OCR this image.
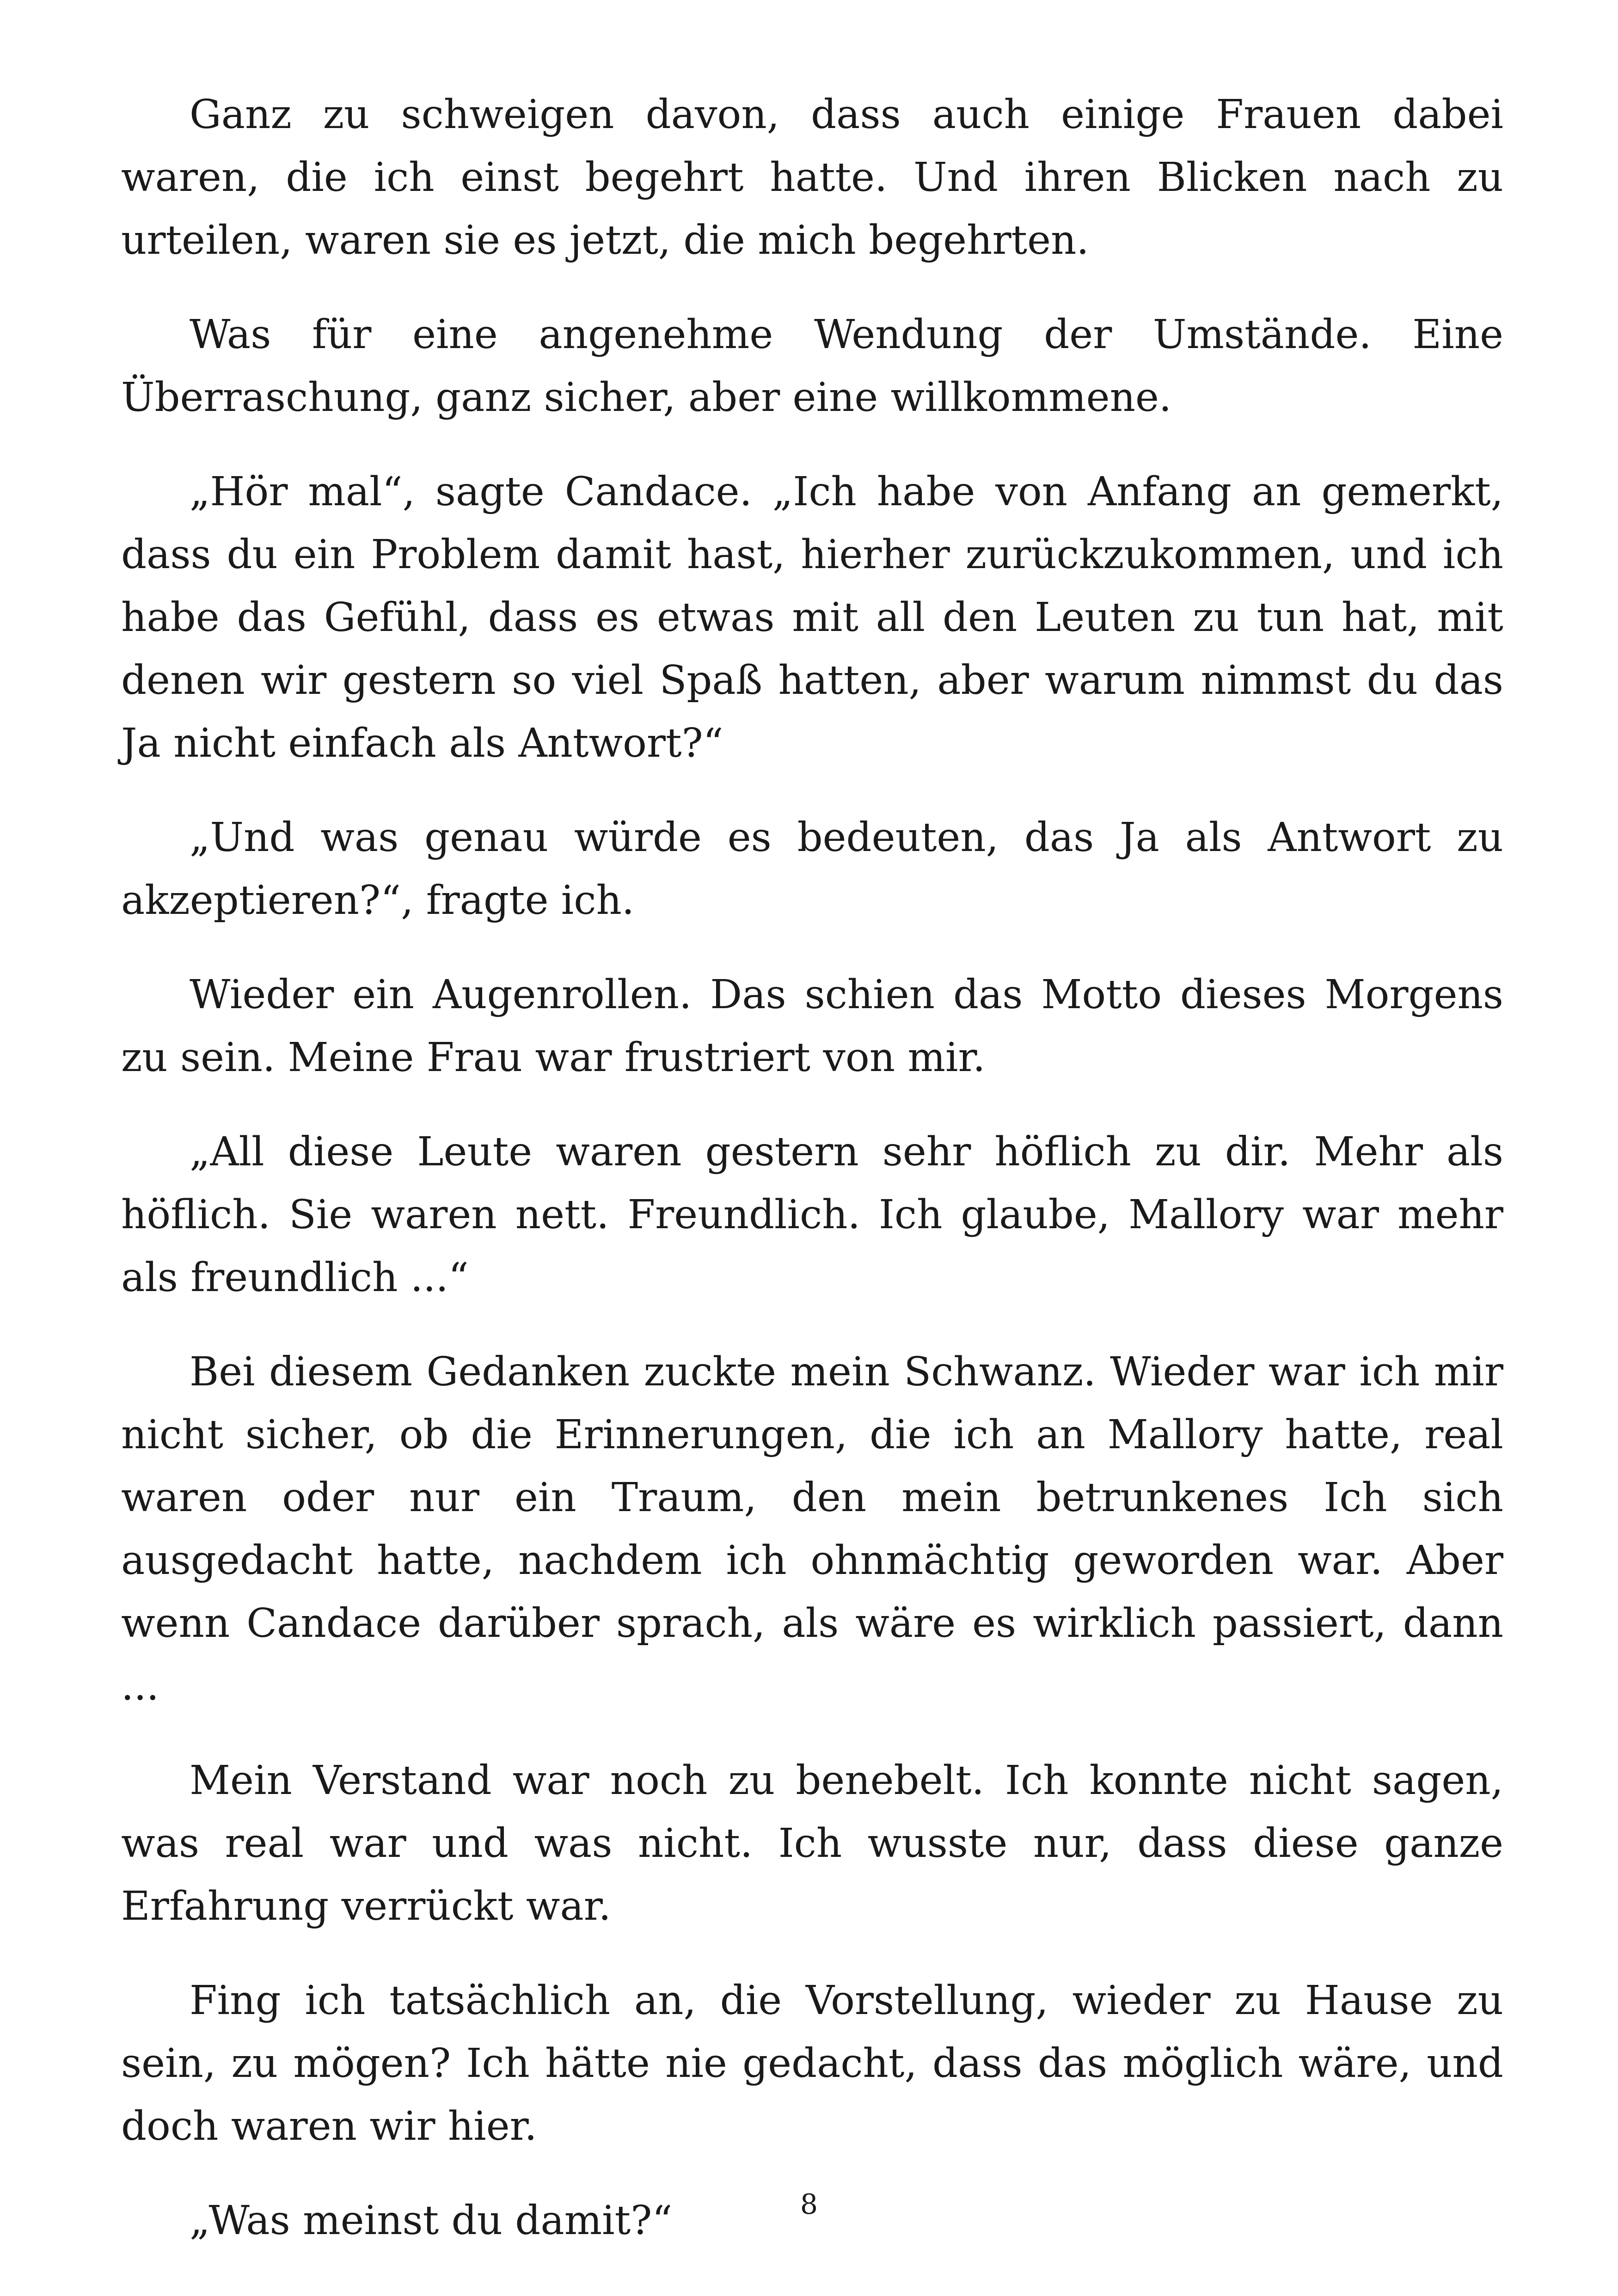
Ganz zu schweigen davon, dass auch einige Frauen dabei waren, die ich einst begehrt hatte. Und ihren Blicken nach zu urteilen, waren sie es jetzt, die mich begehrten.

Was für eine angenehme Wendung der Umstände. Eine Überraschung, ganz sicher, aber eine willkommene.

„Hör mal“, sagte Candace. „Ich habe von Anfang an gemerkt, dass du ein Problem damit hast, hierher zurückzukommen, und ich habe das Gefühl, dass es etwas mit all den Leuten zu tun hat, mit denen wir gestern so viel Spaß hatten, aber warum nimmst du das Ja nicht einfach als Antwort?“

„Und was genau würde es bedeuten, das Ja als Antwort zu akzeptieren?“, fragte ich.

Wieder ein Augenrollen. Das schien das Motto dieses Morgens zu sein. Meine Frau war frustriert von mir.

„All diese Leute waren gestern sehr höflich zu dir. Mehr als höflich. Sie waren nett. Freundlich. Ich glaube, Mallory war mehr als freundlich ...“

Bei diesem Gedanken zuckte mein Schwanz. Wieder war ich mir nicht sicher, ob die Erinnerungen, die ich an Mallory hatte, real waren oder nur ein Traum, den mein betrunkenes Ich sich ausgedacht hatte, nachdem ich ohnmächtig geworden war. Aber wenn Candace darüber sprach, als wäre es wirklich passiert, dann ...

Mein Verstand war noch zu benebelt. Ich konnte nicht sagen, was real war und was nicht. Ich wusste nur, dass diese ganze Erfahrung verrückt war.

Fing ich tatsächlich an, die Vorstellung, wieder zu Hause zu sein, zu mögen? Ich hätte nie gedacht, dass das möglich wäre, und doch waren wir hier.

„Was meinst du damit?“	8
